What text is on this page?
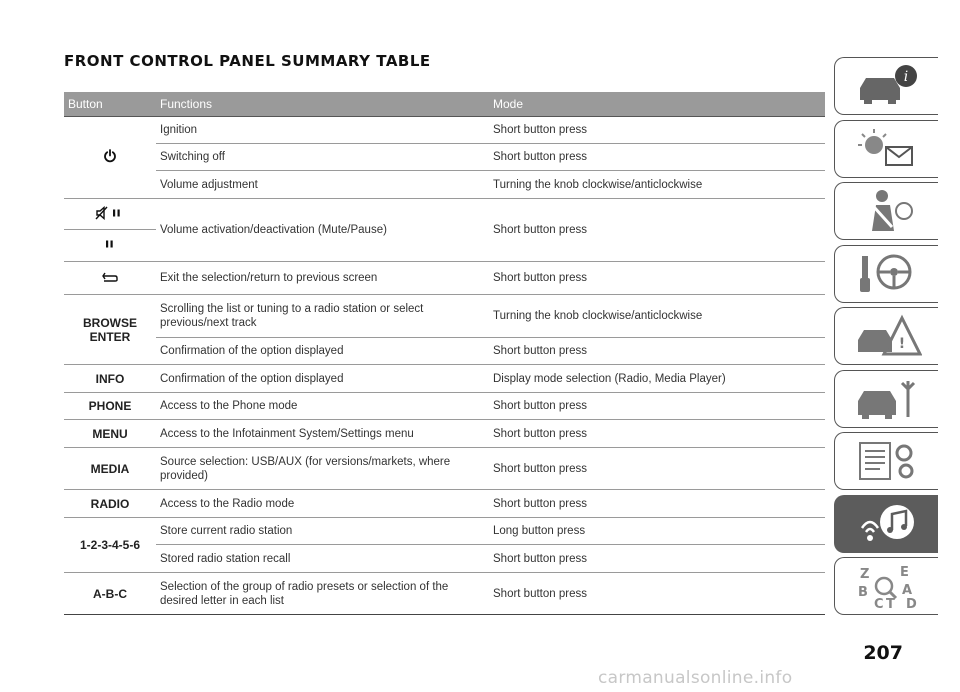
FRONT CONTROL PANEL SUMMARY TABLE
Button	Functions	Mode
	Ignition	Short button press
	Switching off	Short button press
	Volume adjustment	Turning the knob clockwise/anticlockwise
	Volume activation/deactivation (Mute/Pause)	Short button press

	Exit the selection/return to previous screen	Short button press
BROWSE ENTER	Scrolling the list or tuning to a radio station or select previous/next track	Turning the knob clockwise/anticlockwise
	Confirmation of the option displayed	Short button press
INFO	Confirmation of the option displayed	Display mode selection (Radio, Media Player)
PHONE	Access to the Phone mode	Short button press
MENU	Access to the Infotainment System/Settings menu	Short button press
MEDIA	Source selection: USB/AUX (for versions/markets, where provided)	Short button press
RADIO	Access to the Radio mode	Short button press
1-2-3-4-5-6	Store current radio station	Long button press
	Stored radio station recall	Short button press
A-B-C	Selection of the group of radio presets or selection of the desired letter in each list	Short button press
i
!
Z E
B	A
C D
T

207

carmanualsonline.info
